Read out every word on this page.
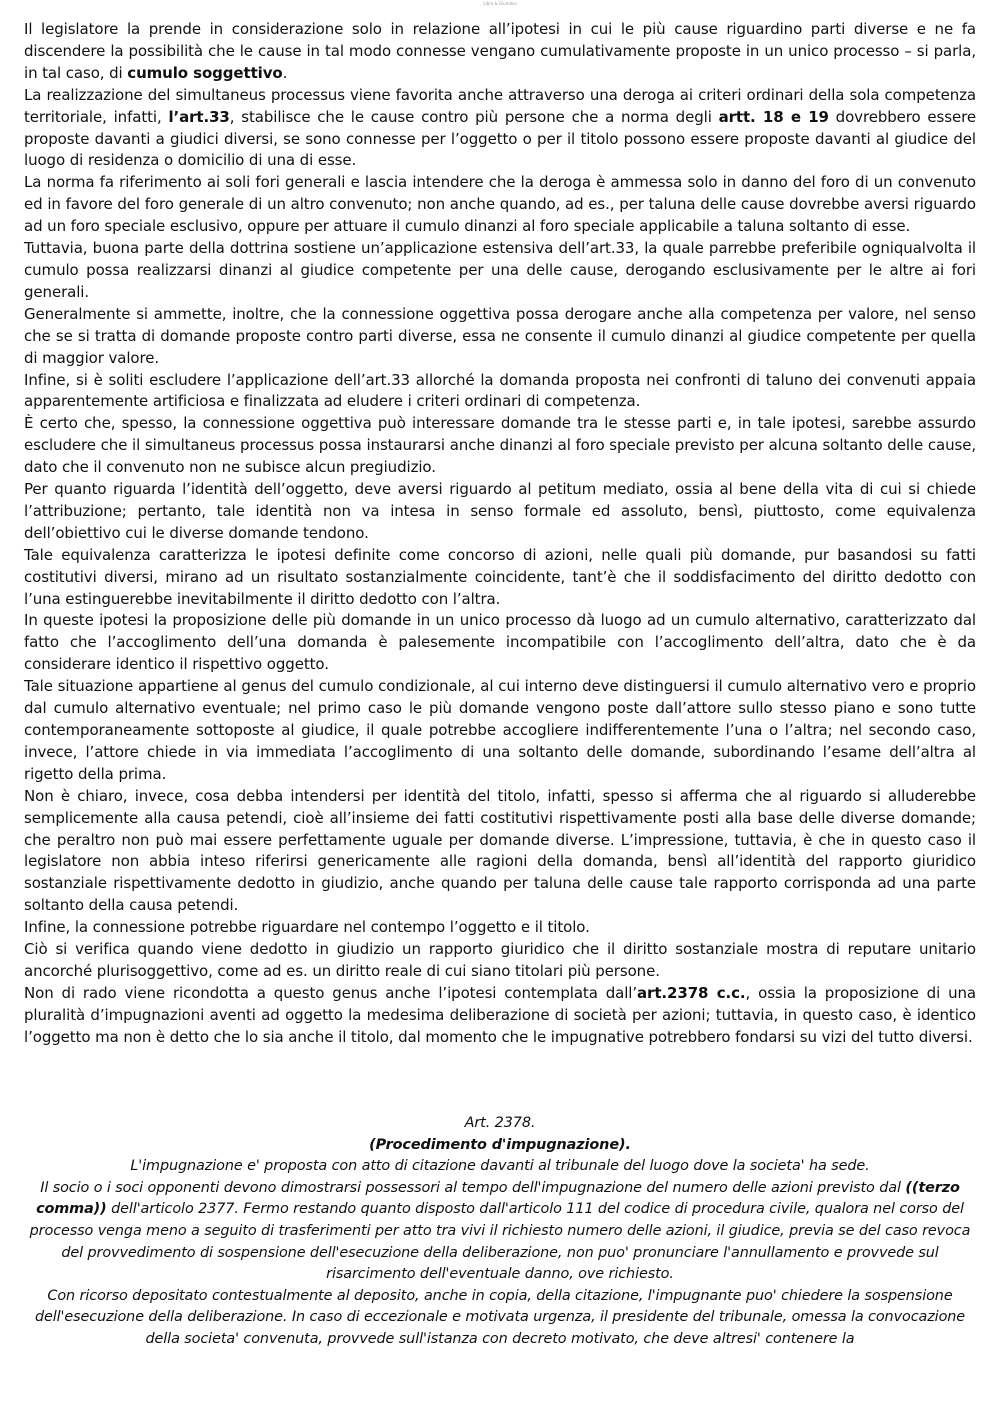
Libro & Giuridico

Il legislatore la prende in considerazione solo in relazione all’ipotesi in cui le più cause riguardino parti diverse e ne fa discendere la possibilità che le cause in tal modo connesse vengano cumulativamente proposte in un unico processo – si parla, in tal caso, di cumulo soggettivo.

La realizzazione del simultaneus processus viene favorita anche attraverso una deroga ai criteri ordinari della sola competenza territoriale, infatti, l’art.33, stabilisce che le cause contro più persone che a norma degli artt. 18 e 19 dovrebbero essere proposte davanti a giudici diversi, se sono connesse per l’oggetto o per il titolo possono essere proposte davanti al giudice del luogo di residenza o domicilio di una di esse.

La norma fa riferimento ai soli fori generali e lascia intendere che la deroga è ammessa solo in danno del foro di un convenuto ed in favore del foro generale di un altro convenuto; non anche quando, ad es., per taluna delle cause dovrebbe aversi riguardo ad un foro speciale esclusivo, oppure per attuare il cumulo dinanzi al foro speciale applicabile a taluna soltanto di esse.

Tuttavia, buona parte della dottrina sostiene un’applicazione estensiva dell’art.33, la quale parrebbe preferibile ogniqualvolta il cumulo possa realizzarsi dinanzi al giudice competente per una delle cause, derogando esclusivamente per le altre ai fori generali.

Generalmente si ammette, inoltre, che la connessione oggettiva possa derogare anche alla competenza per valore, nel senso che se si tratta di domande proposte contro parti diverse, essa ne consente il cumulo dinanzi al giudice competente per quella di maggior valore.

Infine, si è soliti escludere l’applicazione dell’art.33 allorché la domanda proposta nei confronti di taluno dei convenuti appaia apparentemente artificiosa e finalizzata ad eludere i criteri ordinari di competenza.

È certo che, spesso, la connessione oggettiva può interessare domande tra le stesse parti e, in tale ipotesi, sarebbe assurdo escludere che il simultaneus processus possa instaurarsi anche dinanzi al foro speciale previsto per alcuna soltanto delle cause, dato che il convenuto non ne subisce alcun pregiudizio.

Per quanto riguarda l’identità dell’oggetto, deve aversi riguardo al petitum mediato, ossia al bene della vita di cui si chiede l’attribuzione; pertanto, tale identità non va intesa in senso formale ed assoluto, bensì, piuttosto, come equivalenza dell’obiettivo cui le diverse domande tendono.

Tale equivalenza caratterizza le ipotesi definite come concorso di azioni, nelle quali più domande, pur basandosi su fatti costitutivi diversi, mirano ad un risultato sostanzialmente coincidente, tant’è che il soddisfacimento del diritto dedotto con l’una estinguerebbe inevitabilmente il diritto dedotto con l’altra.

In queste ipotesi la proposizione delle più domande in un unico processo dà luogo ad un cumulo alternativo, caratterizzato dal fatto che l’accoglimento dell’una domanda è palesemente incompatibile con l’accoglimento dell’altra, dato che è da considerare identico il rispettivo oggetto.

Tale situazione appartiene al genus del cumulo condizionale, al cui interno deve distinguersi il cumulo alternativo vero e proprio dal cumulo alternativo eventuale; nel primo caso le più domande vengono poste dall’attore sullo stesso piano e sono tutte contemporaneamente sottoposte al giudice, il quale potrebbe accogliere indifferentemente l’una o l’altra; nel secondo caso, invece, l’attore chiede in via immediata l’accoglimento di una soltanto delle domande, subordinando l’esame dell’altra al rigetto della prima.

Non è chiaro, invece, cosa debba intendersi per identità del titolo, infatti, spesso si afferma che al riguardo si alluderebbe semplicemente alla causa petendi, cioè all’insieme dei fatti costitutivi rispettivamente posti alla base delle diverse domande; che peraltro non può mai essere perfettamente uguale per domande diverse. L’impressione, tuttavia, è che in questo caso il legislatore non abbia inteso riferirsi genericamente alle ragioni della domanda, bensì all’identità del rapporto giuridico sostanziale rispettivamente dedotto in giudizio, anche quando per taluna delle cause tale rapporto corrisponda ad una parte soltanto della causa petendi.

Infine, la connessione potrebbe riguardare nel contempo l’oggetto e il titolo.

Ciò si verifica quando viene dedotto in giudizio un rapporto giuridico che il diritto sostanziale mostra di reputare unitario ancorché plurisoggettivo, come ad es. un diritto reale di cui siano titolari più persone.

Non di rado viene ricondotta a questo genus anche l’ipotesi contemplata dall’art.2378 c.c., ossia la proposizione di una pluralità d’impugnazioni aventi ad oggetto la medesima deliberazione di società per azioni; tuttavia, in questo caso, è identico l’oggetto ma non è detto che lo sia anche il titolo, dal momento che le impugnative potrebbero fondarsi su vizi del tutto diversi.

Art. 2378.

(Procedimento d'impugnazione).

L'impugnazione e' proposta con atto di citazione davanti al tribunale del luogo dove la societa' ha sede.

Il socio o i soci opponenti devono dimostrarsi possessori al tempo dell'impugnazione del numero delle azioni previsto dal ((terzo comma)) dell'articolo 2377. Fermo restando quanto disposto dall'articolo 111 del codice di procedura civile, qualora nel corso del processo venga meno a seguito di trasferimenti per atto tra vivi il richiesto numero delle azioni, il giudice, previa se del caso revoca del provvedimento di sospensione dell'esecuzione della deliberazione, non puo' pronunciare l'annullamento e provvede sul risarcimento dell'eventuale danno, ove richiesto.

Con ricorso depositato contestualmente al deposito, anche in copia, della citazione, l'impugnante puo' chiedere la sospensione dell'esecuzione della deliberazione. In caso di eccezionale e motivata urgenza, il presidente del tribunale, omessa la convocazione della societa' convenuta, provvede sull'istanza con decreto motivato, che deve altresi' contenere la
